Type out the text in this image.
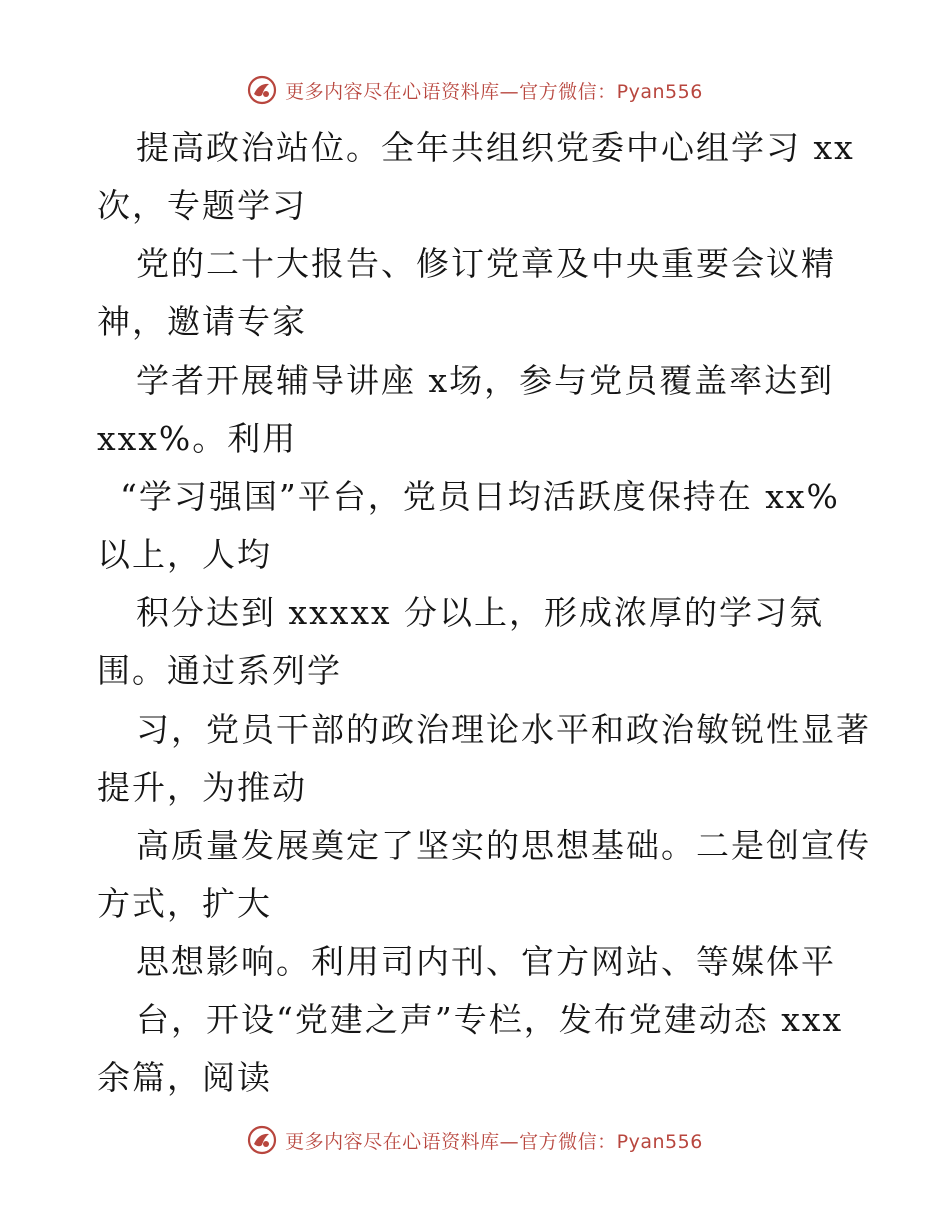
更多内容尽在心语资料库—官方微信：Pyan556
提高政治站位。全年共组织党委中心组学习 xx
次，专题学习
党的二十大报告、修订党章及中央重要会议精
神，邀请专家
学者开展辅导讲座 x场，参与党员覆盖率达到
xxx%。利用
“学习强国”平台，党员日均活跃度保持在 xx%
以上，人均
积分达到 xxxxx 分以上，形成浓厚的学习氛
围。通过系列学
习，党员干部的政治理论水平和政治敏锐性显著
提升，为推动
高质量发展奠定了坚实的思想基础。二是创宣传
方式，扩大
思想影响。利用司内刊、官方网站、等媒体平
台，开设“党建之声”专栏，发布党建动态 xxx
余篇，阅读
更多内容尽在心语资料库—官方微信：Pyan556
